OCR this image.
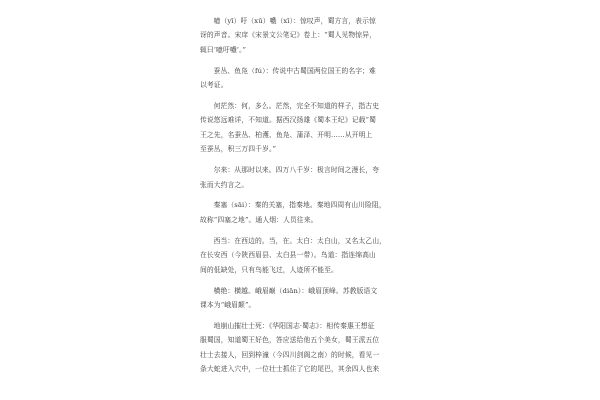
噫（yī）吁（xū）嚱（xī）：惊叹声，蜀方言，表示惊
讶的声音。宋庠《宋景文公笔记》卷上：“蜀人见物惊异，
辄曰‘噫吁嚱’。”

蚕丛、鱼凫（fú）：传说中古蜀国两位国王的名字；难
以考证。

何茫然：何，多么。茫然，完全不知道的样子，指古史
传说悠远难详，不知道。据西汉扬雄《蜀本王纪》记载“蜀
王之先，名蚕丛、柏濩、鱼凫、蒲泽、开明……从开明上
至蚕丛，积三万四千岁。”

尔来：从那时以来。四万八千岁：极言时间之漫长，夸
张而大约言之。

秦塞（sāi）：秦的关塞，指秦地。秦地四周有山川险阻，
故称“四塞之地”。通人烟：人员往来。

西当：在西边的。当，在。太白：太白山，又名太乙山，
在长安西（今陕西眉县、太白县一带）。鸟道：指连绵高山
间的低缺处，只有鸟能飞过，人迹所不能至。

横绝：横越。峨眉巅（diān）：峨眉顶峰。苏教版语文
课本为“峨眉颠”。

地崩山摧壮士死：《华阳国志·蜀志》：相传秦惠王想征
服蜀国，知道蜀王好色，答应送给他五个美女，蜀王派五位
壮士去接人，回到梓潼（今四川剑阁之南）的时候，看见一
条大蛇进入穴中，一位壮士抓住了它的尾巴，其余四人也来
